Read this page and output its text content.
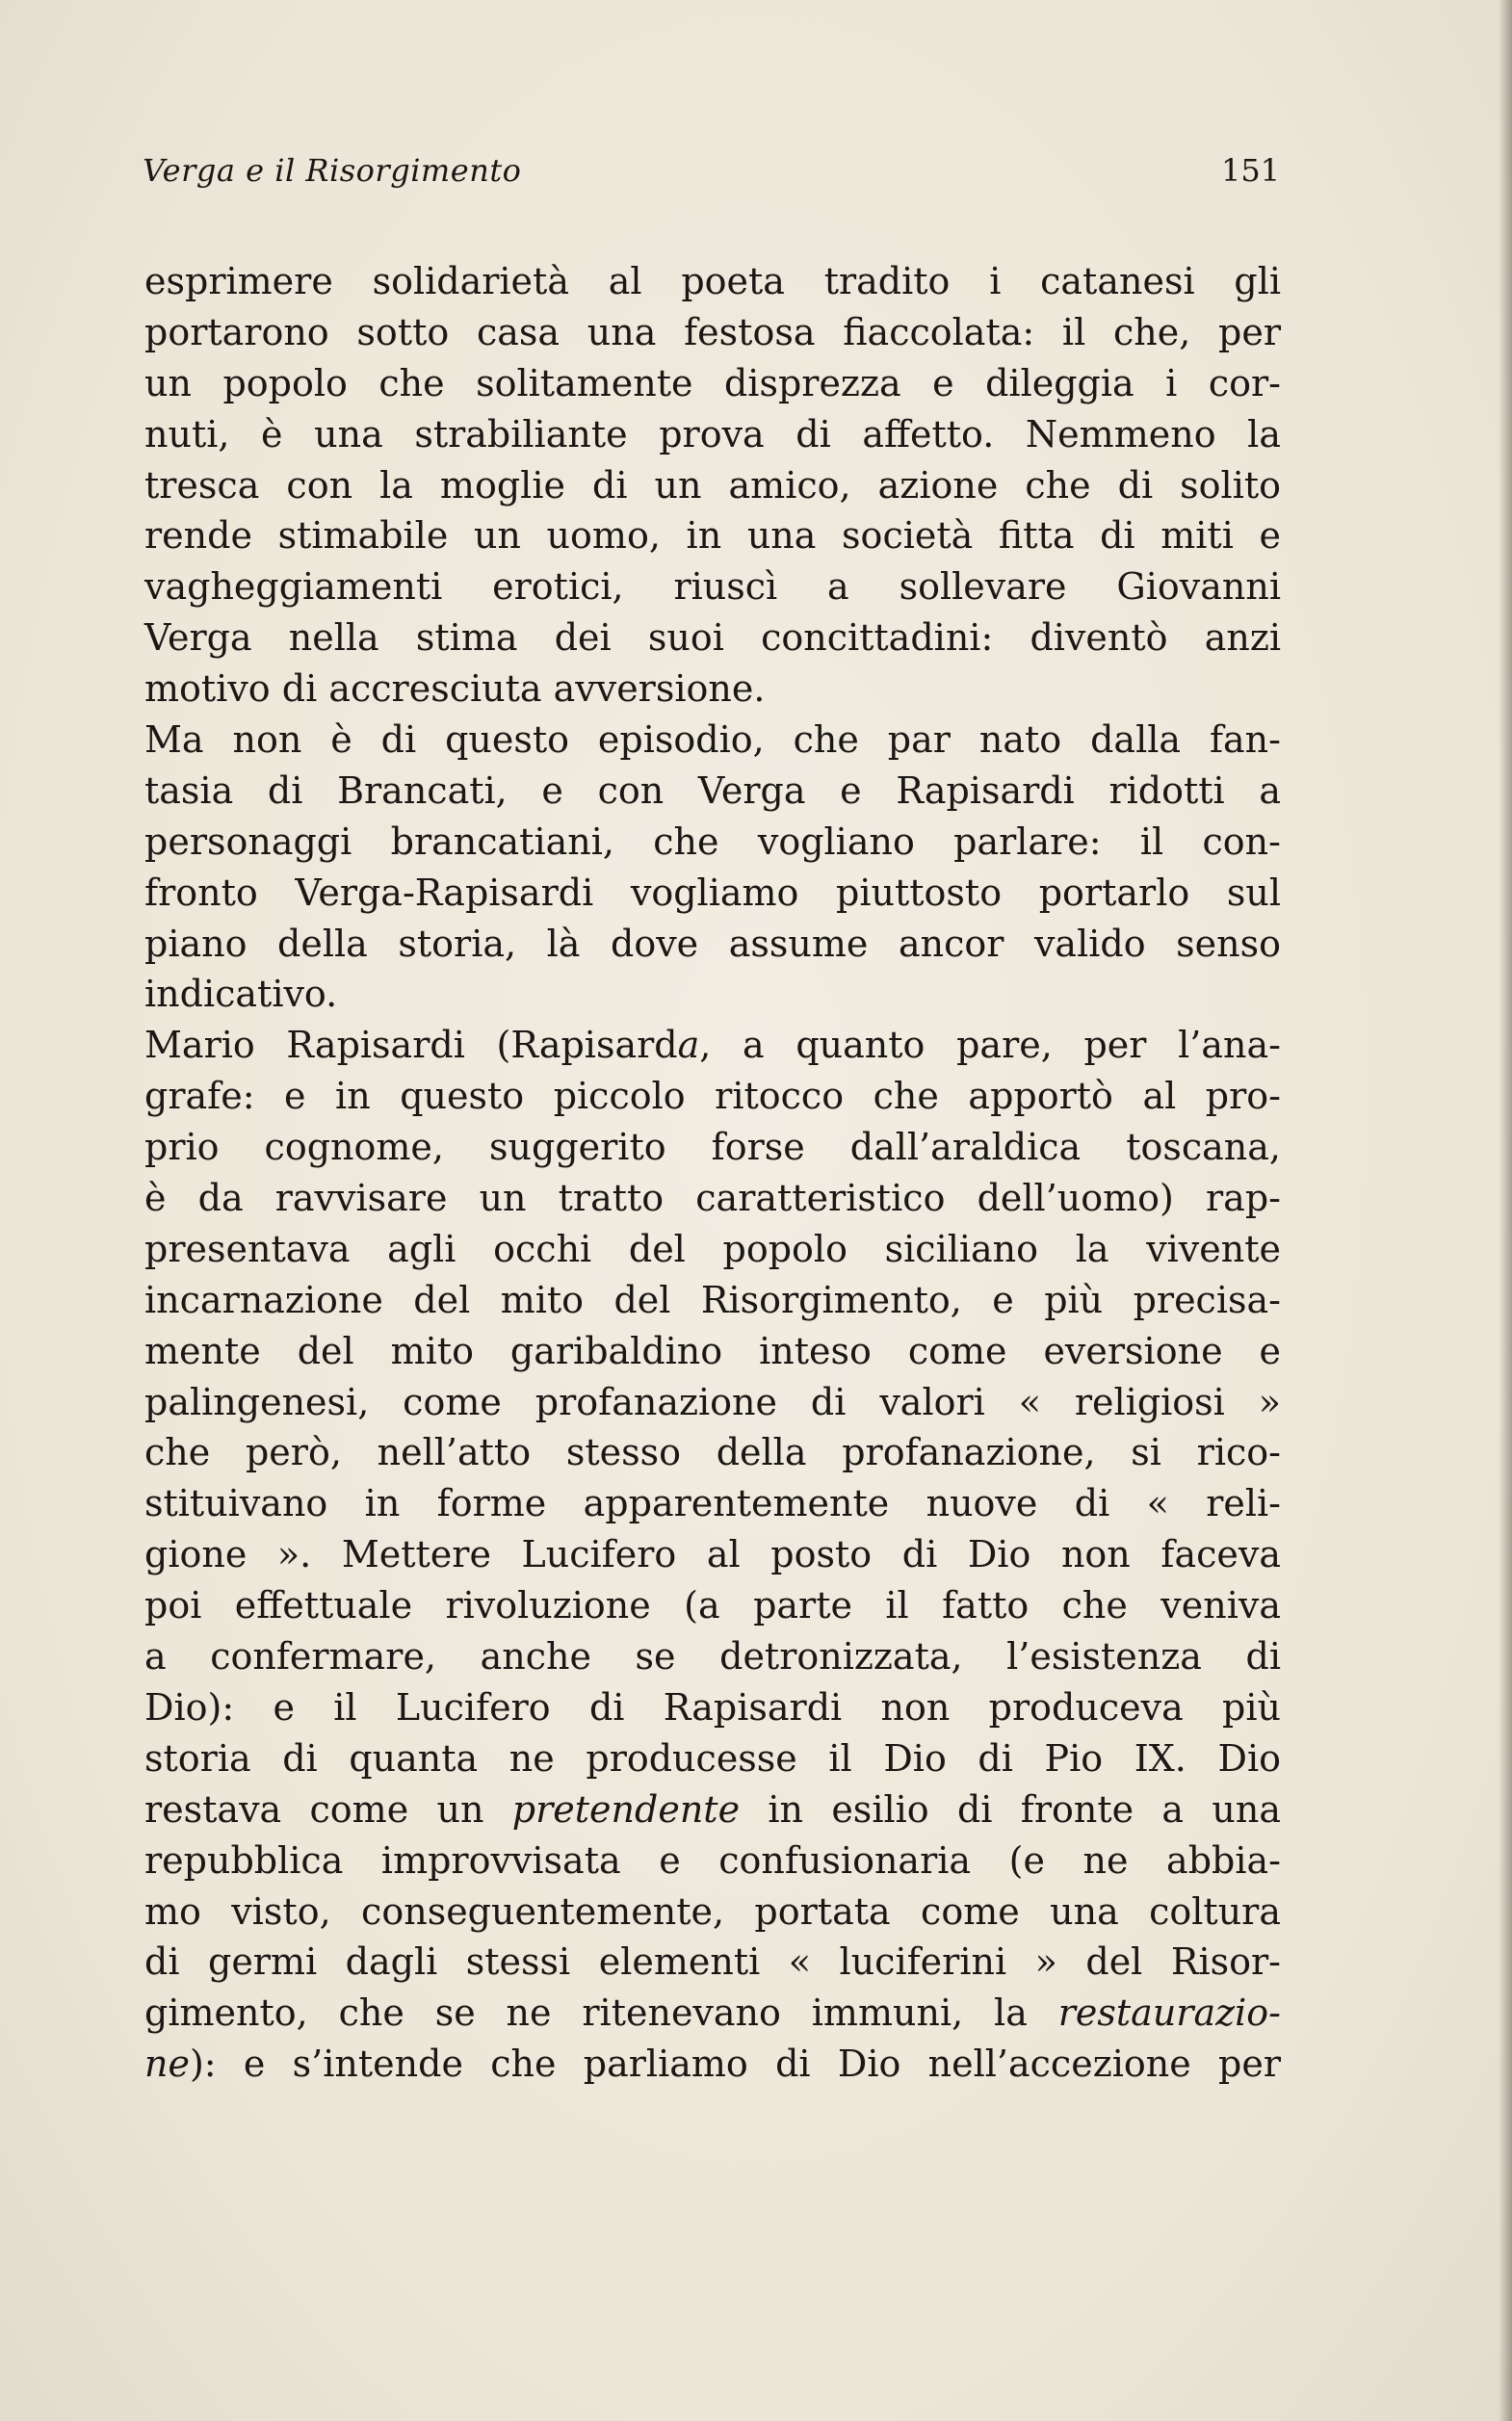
Verga e il Risorgimento	151
esprimere solidarietà al poeta tradito i catanesi gli
portarono sotto casa una festosa fiaccolata: il che, per
un popolo che solitamente disprezza e dileggia i cor-
nuti, è una strabiliante prova di affetto. Nemmeno la
tresca con la moglie di un amico, azione che di solito
rende stimabile un uomo, in una società fitta di miti e
vagheggiamenti erotici, riuscì a sollevare Giovanni
Verga nella stima dei suoi concittadini: diventò anzi
motivo di accresciuta avversione.
Ma non è di questo episodio, che par nato dalla fan-
tasia di Brancati, e con Verga e Rapisardi ridotti a
personaggi brancatiani, che vogliano parlare: il con-
fronto Verga-Rapisardi vogliamo piuttosto portarlo sul
piano della storia, là dove assume ancor valido senso
indicativo.
Mario Rapisardi (Rapisarda, a quanto pare, per l’ana-
grafe: e in questo piccolo ritocco che apportò al pro-
prio cognome, suggerito forse dall’araldica toscana,
è da ravvisare un tratto caratteristico dell’uomo) rap-
presentava agli occhi del popolo siciliano la vivente
incarnazione del mito del Risorgimento, e più precisa-
mente del mito garibaldino inteso come eversione e
palingenesi, come profanazione di valori « religiosi »
che però, nell’atto stesso della profanazione, si rico-
stituivano in forme apparentemente nuove di « reli-
gione ». Mettere Lucifero al posto di Dio non faceva
poi effettuale rivoluzione (a parte il fatto che veniva
a confermare, anche se detronizzata, l’esistenza di
Dio): e il Lucifero di Rapisardi non produceva più
storia di quanta ne producesse il Dio di Pio IX. Dio
restava come un pretendente in esilio di fronte a una
repubblica improvvisata e confusionaria (e ne abbia-
mo visto, conseguentemente, portata come una coltura
di germi dagli stessi elementi « luciferini » del Risor-
gimento, che se ne ritenevano immuni, la restaurazio-
ne): e s’intende che parliamo di Dio nell’accezione per
